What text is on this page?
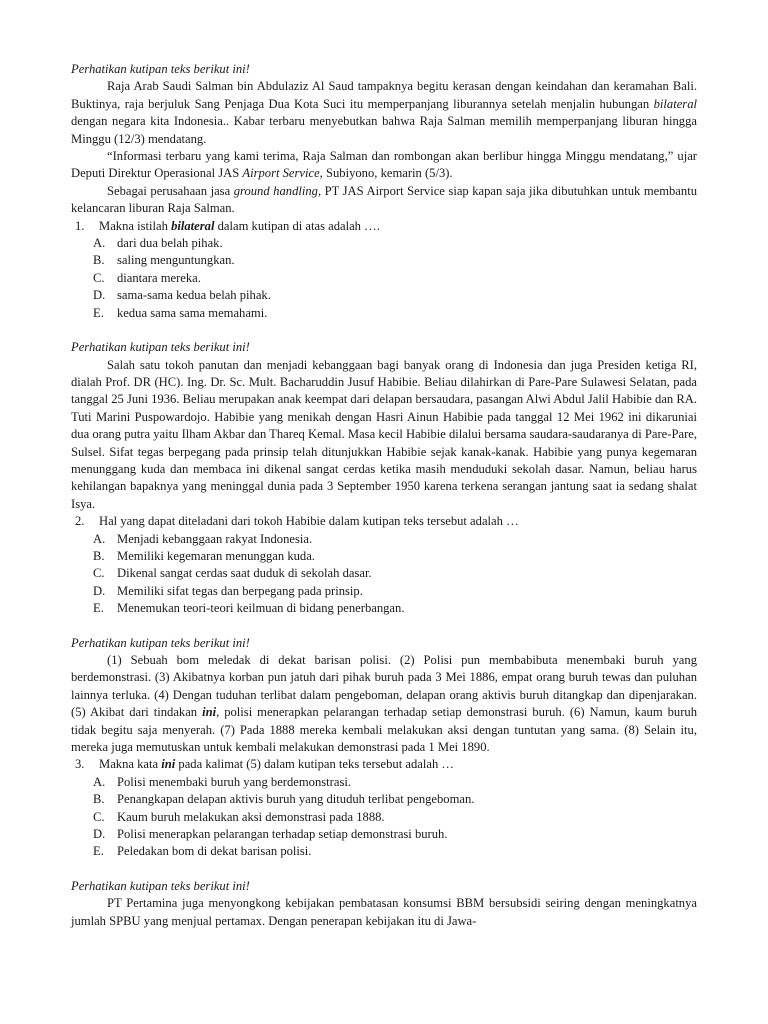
Perhatikan kutipan teks berikut ini!

Raja Arab Saudi Salman bin Abdulaziz Al Saud tampaknya begitu kerasan dengan keindahan dan keramahan Bali. Buktinya, raja berjuluk Sang Penjaga Dua Kota Suci itu memperpanjang liburannya setelah menjalin hubungan bilateral dengan negara kita Indonesia.. Kabar terbaru menyebutkan bahwa Raja Salman memilih memperpanjang liburan hingga Minggu (12/3) mendatang.

“Informasi terbaru yang kami terima, Raja Salman dan rombongan akan berlibur hingga Minggu mendatang,” ujar Deputi Direktur Operasional JAS Airport Service, Subiyono, kemarin (5/3).

Sebagai perusahaan jasa ground handling, PT JAS Airport Service siap kapan saja jika dibutuhkan untuk membantu kelancaran liburan Raja Salman.

1. Makna istilah bilateral dalam kutipan di atas adalah ….

A. dari dua belah pihak.
B. saling menguntungkan.
C. diantara mereka.
D. sama-sama kedua belah pihak.
E. kedua sama sama memahami.

Perhatikan kutipan teks berikut ini!

Salah satu tokoh panutan dan menjadi kebanggaan bagi banyak orang di Indonesia dan juga Presiden ketiga RI, dialah Prof. DR (HC). Ing. Dr. Sc. Mult. Bacharuddin Jusuf Habibie. Beliau dilahirkan di Pare-Pare Sulawesi Selatan, pada tanggal 25 Juni 1936. Beliau merupakan anak keempat dari delapan bersaudara, pasangan Alwi Abdul Jalil Habibie dan RA. Tuti Marini Puspowardojo. Habibie yang menikah dengan Hasri Ainun Habibie pada tanggal 12 Mei 1962 ini dikaruniai dua orang putra yaitu Ilham Akbar dan Thareq Kemal. Masa kecil Habibie dilalui bersama saudara-saudaranya di Pare-Pare, Sulsel. Sifat tegas berpegang pada prinsip telah ditunjukkan Habibie sejak kanak-kanak. Habibie yang punya kegemaran menunggang kuda dan membaca ini dikenal sangat cerdas ketika masih menduduki sekolah dasar. Namun, beliau harus kehilangan bapaknya yang meninggal dunia pada 3 September 1950 karena terkena serangan jantung saat ia sedang shalat Isya.

2. Hal yang dapat diteladani dari tokoh Habibie dalam kutipan teks tersebut adalah …

A. Menjadi kebanggaan rakyat Indonesia.
B. Memiliki kegemaran menunggan kuda.
C. Dikenal sangat cerdas saat duduk di sekolah dasar.
D. Memiliki sifat tegas dan berpegang pada prinsip.
E. Menemukan teori-teori keilmuan di bidang penerbangan.

Perhatikan kutipan teks berikut ini!

(1) Sebuah bom meledak di dekat barisan polisi. (2) Polisi pun membabibuta menembaki buruh yang berdemonstrasi. (3) Akibatnya korban pun jatuh dari pihak buruh pada 3 Mei 1886, empat orang buruh tewas dan puluhan lainnya terluka. (4) Dengan tuduhan terlibat dalam pengeboman, delapan orang aktivis buruh ditangkap dan dipenjarakan. (5) Akibat dari tindakan ini, polisi menerapkan pelarangan terhadap setiap demonstrasi buruh. (6) Namun, kaum buruh tidak begitu saja menyerah. (7) Pada 1888 mereka kembali melakukan aksi dengan tuntutan yang sama. (8) Selain itu, mereka juga memutuskan untuk kembali melakukan demonstrasi pada 1 Mei 1890.

3. Makna kata ini pada kalimat (5) dalam kutipan teks tersebut adalah …

A. Polisi menembaki buruh yang berdemonstrasi.
B. Penangkapan delapan aktivis buruh yang dituduh terlibat pengeboman.
C. Kaum buruh melakukan aksi demonstrasi pada 1888.
D. Polisi menerapkan pelarangan terhadap setiap demonstrasi buruh.
E. Peledakan bom di dekat barisan polisi.

Perhatikan kutipan teks berikut ini!

PT Pertamina juga menyongkong kebijakan pembatasan konsumsi BBM bersubsidi seiring dengan meningkatnya jumlah SPBU yang menjual pertamax. Dengan penerapan kebijakan itu di Jawa-
